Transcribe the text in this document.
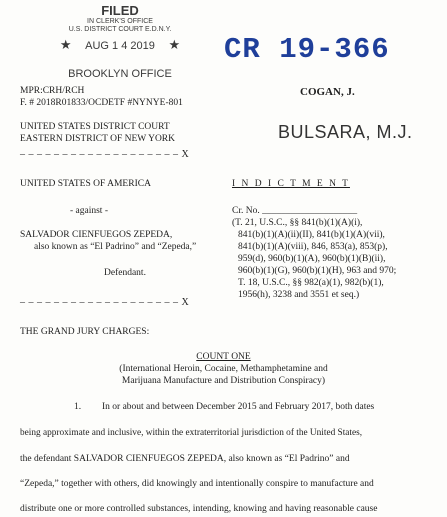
FILED
IN CLERK'S OFFICE
U.S. DISTRICT COURT E.D.N.Y.
★ AUG 1 4 2019 ★
BROOKLYN OFFICE
CR 19-366
COGAN, J.
BULSARA, M.J.
MPR:CRH/RCH
F. # 2018R01833/OCDETF #NYNYE-801
UNITED STATES DISTRICT COURT
EASTERN DISTRICT OF NEW YORK
– – – – – – – – – – – – – – – – – – – X
UNITED STATES OF AMERICA
- against -
SALVADOR CIENFUEGOS ZEPEDA,
also known as “El Padrino” and “Zepeda,”
Defendant.
– – – – – – – – – – – – – – – – – – – X
I N D I C T M E N T
Cr. No. ____________________
(T. 21, U.S.C., §§ 841(b)(1)(A)(i),
841(b)(1)(A)(ii)(II), 841(b)(1)(A)(vii),
841(b)(1)(A)(viii), 846, 853(a), 853(p),
959(d), 960(b)(1)(A), 960(b)(1)(B)(ii),
960(b)(1)(G), 960(b)(1)(H), 963 and 970;
T. 18, U.S.C., §§ 982(a)(1), 982(b)(1),
1956(h), 3238 and 3551 et seq.)
THE GRAND JURY CHARGES:
COUNT ONE
(International Heroin, Cocaine, Methamphetamine and
Marijuana Manufacture and Distribution Conspiracy)
1. In or about and between December 2015 and February 2017, both dates
being approximate and inclusive, within the extraterritorial jurisdiction of the United States,
the defendant SALVADOR CIENFUEGOS ZEPEDA, also known as “El Padrino” and
“Zepeda,” together with others, did knowingly and intentionally conspire to manufacture and
distribute one or more controlled substances, intending, knowing and having reasonable cause
